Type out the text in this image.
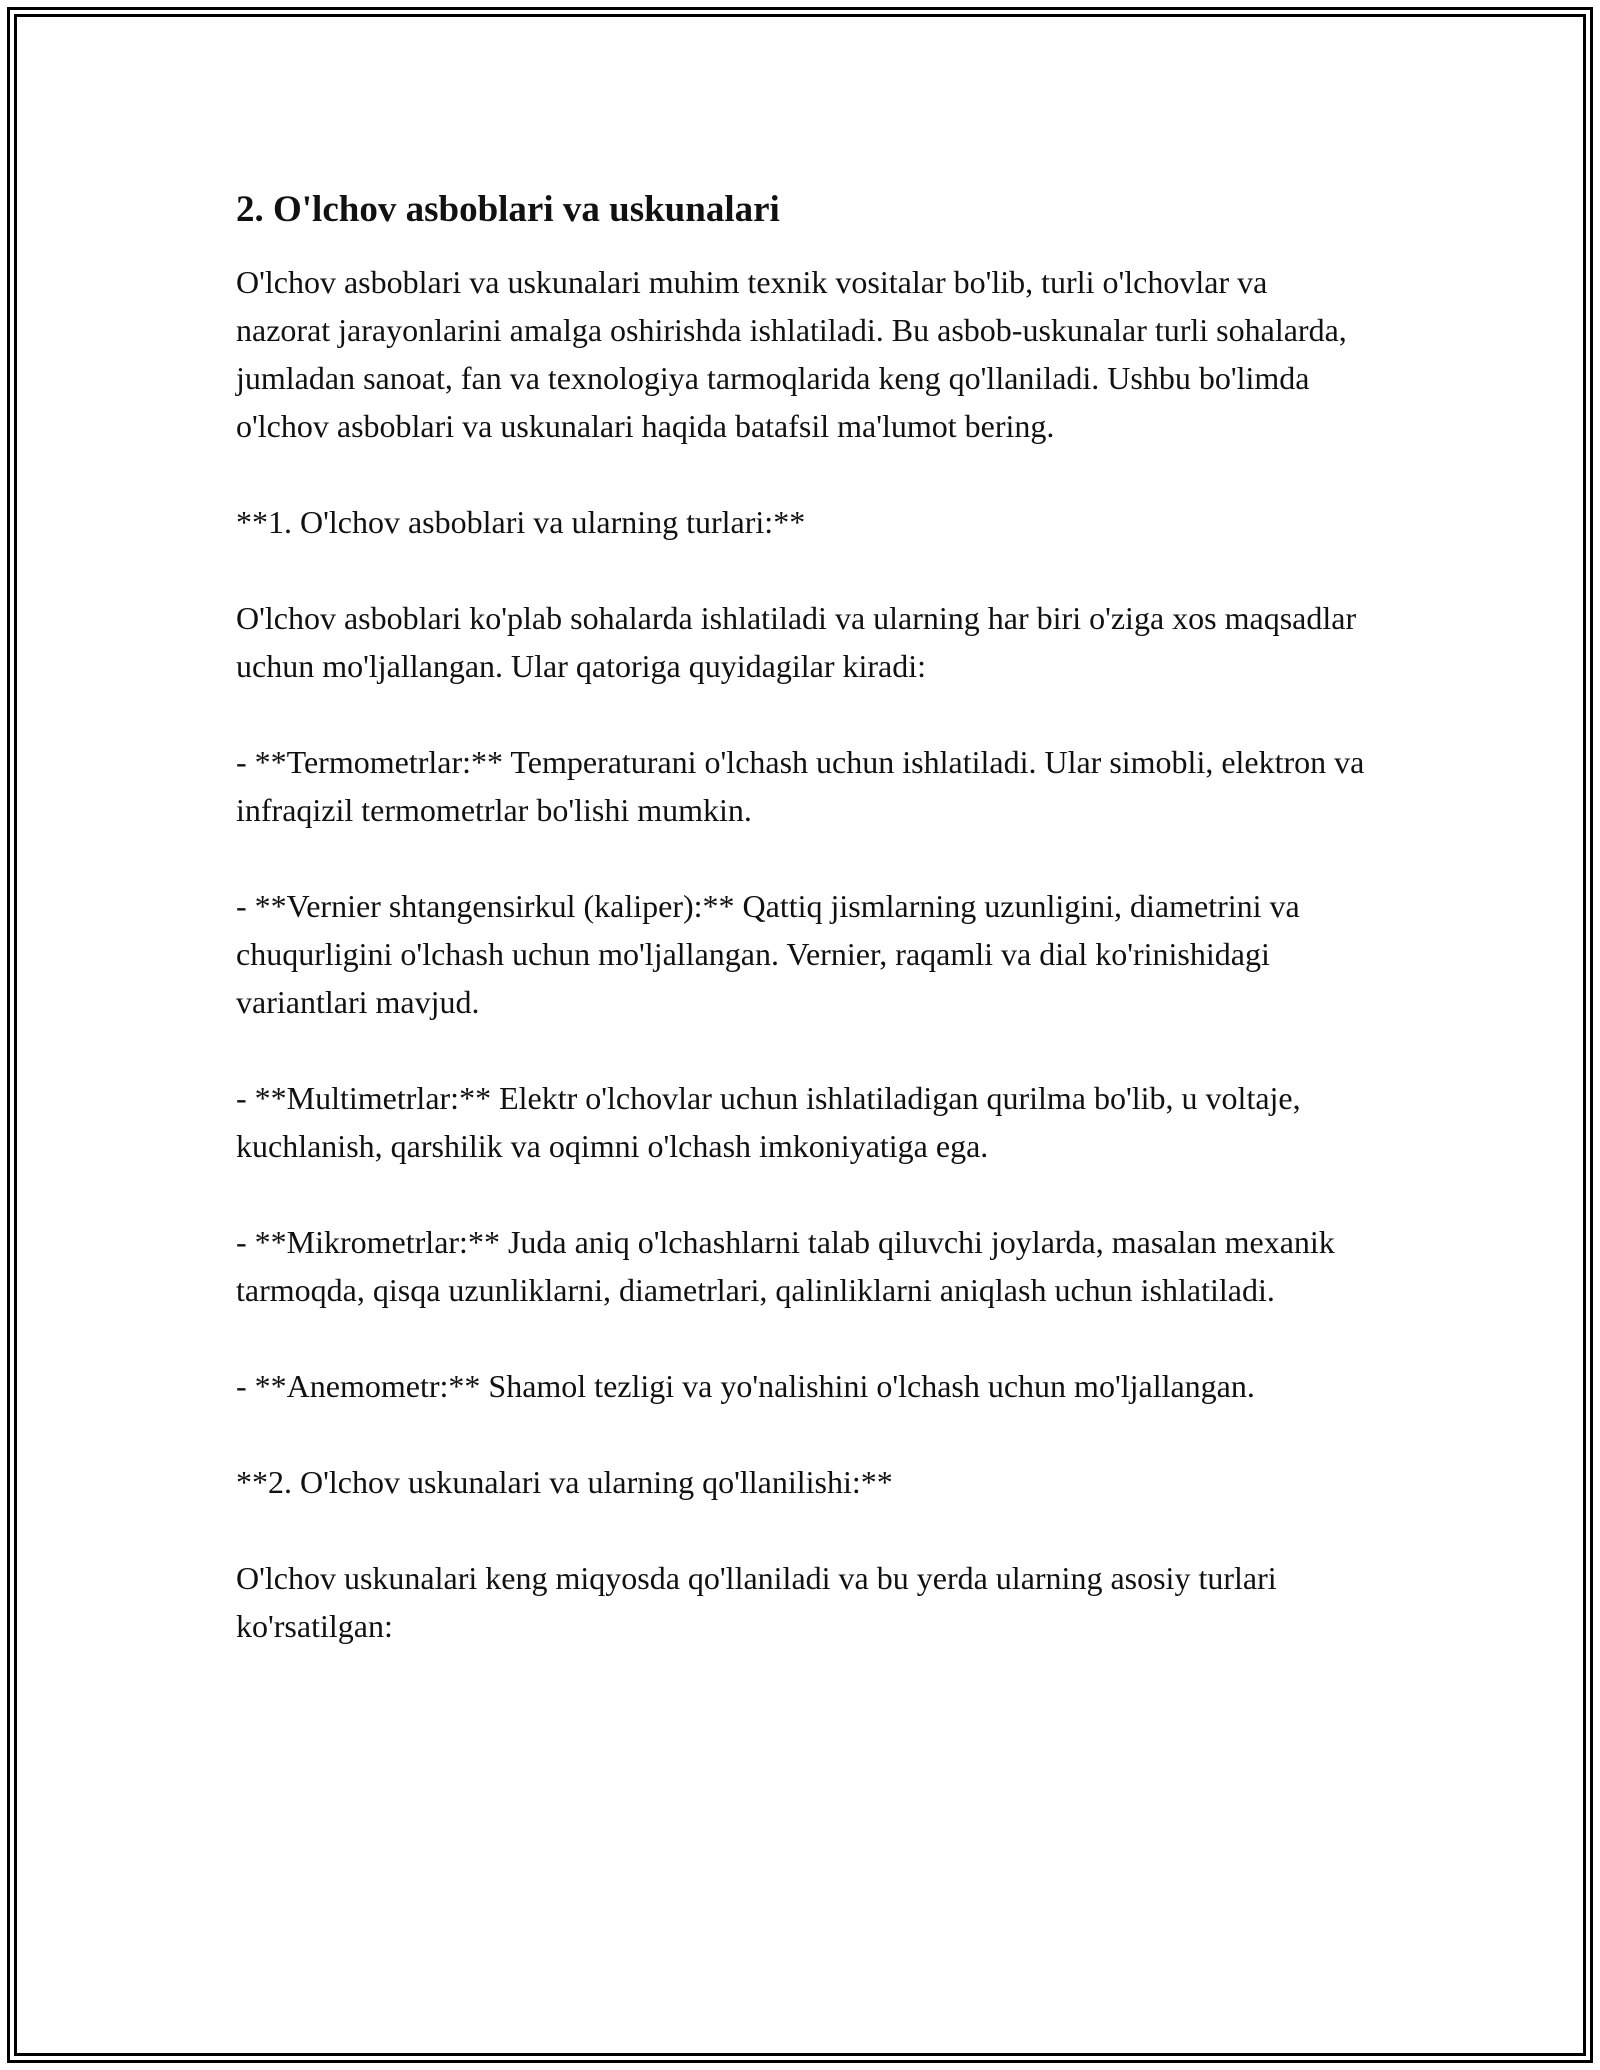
2. O'lchov asboblari va uskunalari

O'lchov asboblari va uskunalari muhim texnik vositalar bo'lib, turli o'lchovlar va nazorat jarayonlarini amalga oshirishda ishlatiladi. Bu asbob-uskunalar turli sohalarda, jumladan sanoat, fan va texnologiya tarmoqlarida keng qo'llaniladi. Ushbu bo'limda o'lchov asboblari va uskunalari haqida batafsil ma'lumot bering.

**1. O'lchov asboblari va ularning turlari:**

O'lchov asboblari ko'plab sohalarda ishlatiladi va ularning har biri o'ziga xos maqsadlar uchun mo'ljallangan. Ular qatoriga quyidagilar kiradi:

- **Termometrlar:** Temperaturani o'lchash uchun ishlatiladi. Ular simobli, elektron va infraqizil termometrlar bo'lishi mumkin.

- **Vernier shtangensirkul (kaliper):** Qattiq jismlarning uzunligini, diametrini va chuqurligini o'lchash uchun mo'ljallangan. Vernier, raqamli va dial ko'rinishidagi variantlari mavjud.

- **Multimetrlar:** Elektr o'lchovlar uchun ishlatiladigan qurilma bo'lib, u voltaje, kuchlanish, qarshilik va oqimni o'lchash imkoniyatiga ega.

- **Mikrometrlar:** Juda aniq o'lchashlarni talab qiluvchi joylarda, masalan mexanik tarmoqda, qisqa uzunliklarni, diametrlari, qalinliklarni aniqlash uchun ishlatiladi.

- **Anemometr:** Shamol tezligi va yo'nalishini o'lchash uchun mo'ljallangan.

**2. O'lchov uskunalari va ularning qo'llanilishi:**

O'lchov uskunalari keng miqyosda qo'llaniladi va bu yerda ularning asosiy turlari ko'rsatilgan:
